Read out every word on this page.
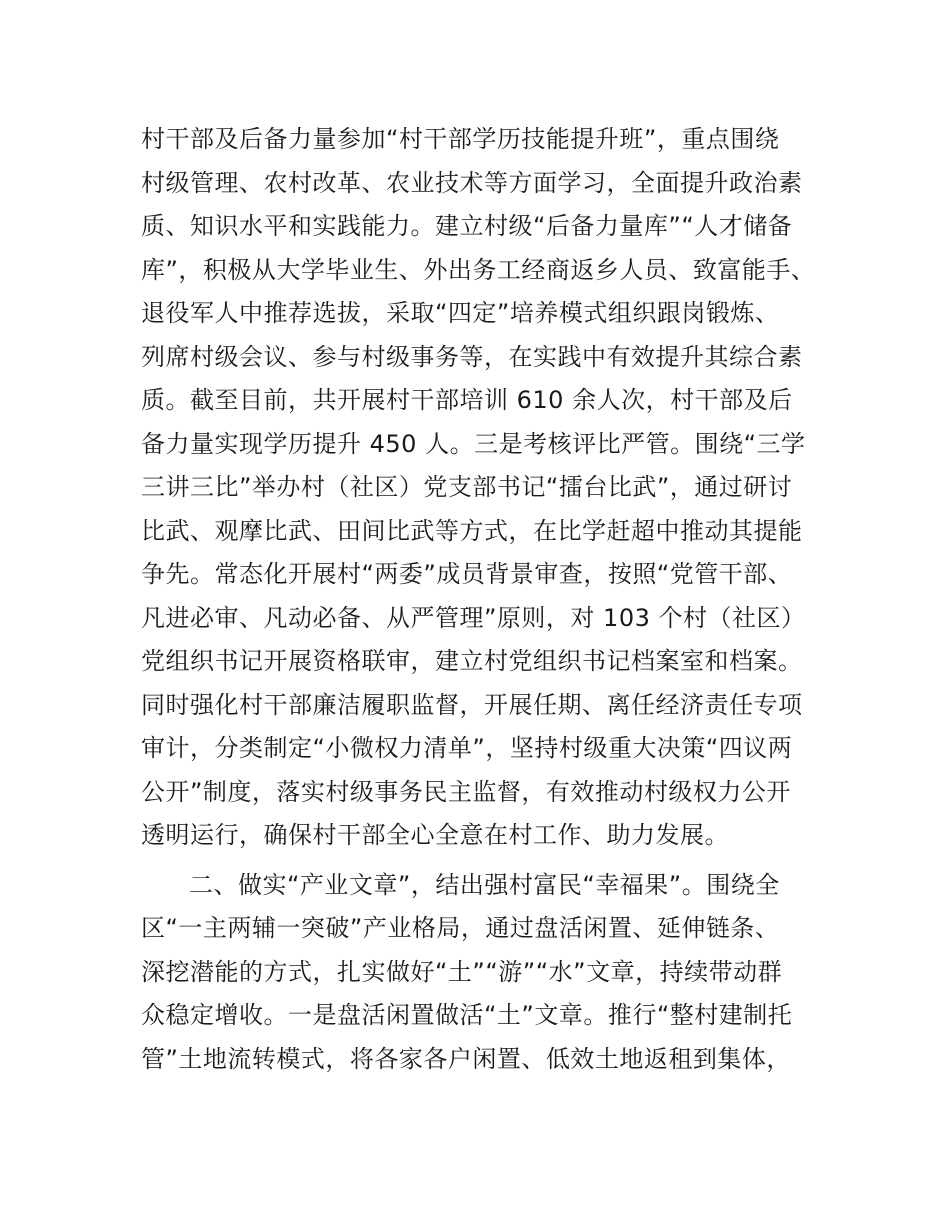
村干部及后备力量参加“村干部学历技能提升班”，重点围绕
村级管理、农村改革、农业技术等方面学习，全面提升政治素
质、知识水平和实践能力。建立村级“后备力量库”“人才储备
库”，积极从大学毕业生、外出务工经商返乡人员、致富能手、
退役军人中推荐选拔，采取“四定”培养模式组织跟岗锻炼、
列席村级会议、参与村级事务等，在实践中有效提升其综合素
质。截至目前，共开展村干部培训 610 余人次，村干部及后
备力量实现学历提升 450 人。三是考核评比严管。围绕“三学
三讲三比”举办村（社区）党支部书记“擂台比武”，通过研讨
比武、观摩比武、田间比武等方式，在比学赶超中推动其提能
争先。常态化开展村“两委”成员背景审查，按照“党管干部、
凡进必审、凡动必备、从严管理”原则，对 103 个村（社区）
党组织书记开展资格联审，建立村党组织书记档案室和档案。
同时强化村干部廉洁履职监督，开展任期、离任经济责任专项
审计，分类制定“小微权力清单”，坚持村级重大决策“四议两
公开”制度，落实村级事务民主监督，有效推动村级权力公开
透明运行，确保村干部全心全意在村工作、助力发展。
二、做实“产业文章”，结出强村富民“幸福果”。围绕全
区“一主两辅一突破”产业格局，通过盘活闲置、延伸链条、
深挖潜能的方式，扎实做好“土”“游”“水”文章，持续带动群
众稳定增收。一是盘活闲置做活“土”文章。推行“整村建制托
管”土地流转模式，将各家各户闲置、低效土地返租到集体，
